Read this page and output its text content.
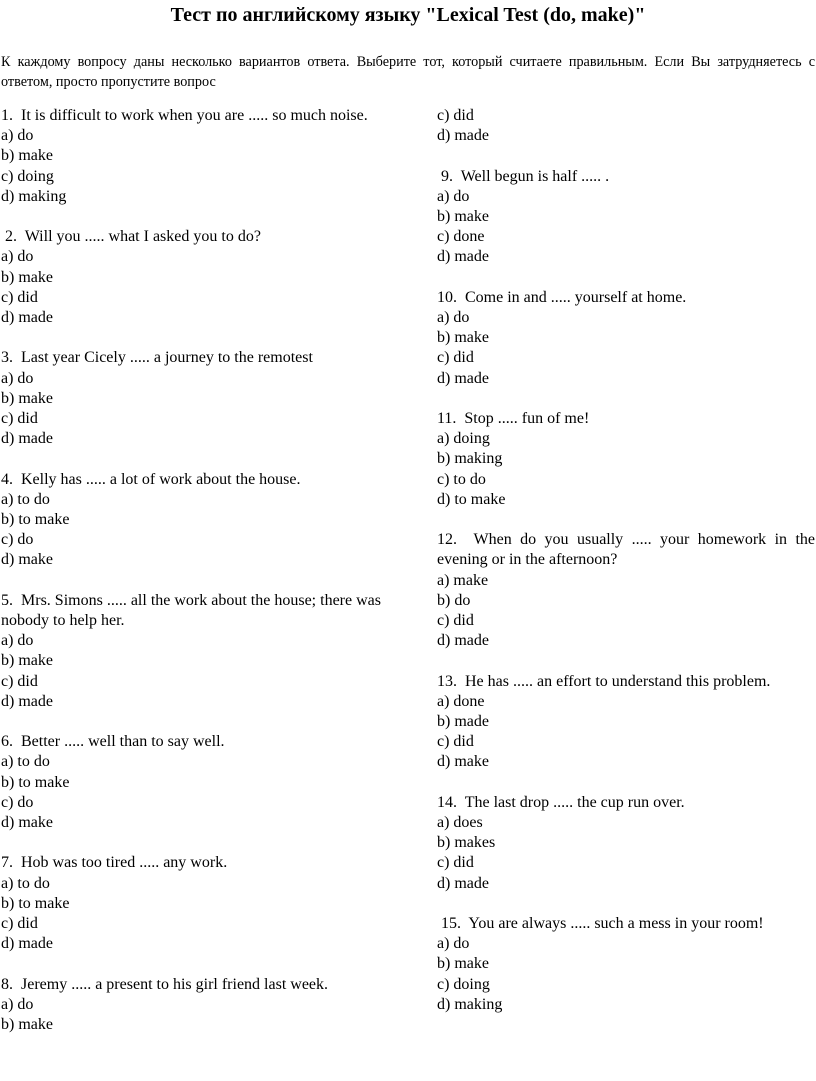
Тест по английскому языку "Lexical Test (do, make)"
К каждому вопросу даны несколько вариантов ответа. Выберите тот, который считаете правильным. Если Вы затрудняетесь с ответом, просто пропустите вопрос
1.  It is difficult to work when you are ..... so much noise.
a) do
b) make
c) doing
d) making
2.  Will you ..... what I asked you to do?
a) do
b) make
c) did
d) made
3.  Last year Cicely ..... a journey to the remotest
a) do
b) make
c) did
d) made
4.  Kelly has ..... a lot of work about the house.
a) to do
b) to make
c) do
d) make
5.  Mrs. Simons ..... all the work about the house; there was nobody to help her.
a) do
b) make
c) did
d) made
6.  Better ..... well than to say well.
a) to do
b) to make
c) do
d) make
7.  Hob was too tired ..... any work.
a) to do
b) to make
c) did
d) made
8.  Jeremy ..... a present to his girl friend last week.
a) do
b) make
c) did
d) made
9.  Well begun is half ..... .
a) do
b) make
c) done
d) made
10.  Come in and ..... yourself at home.
a) do
b) make
c) did
d) made
11.  Stop ..... fun of me!
a) doing
b) making
c) to do
d) to make
12.  When do you usually ..... your homework in the evening or in the afternoon?
a) make
b) do
c) did
d) made
13.  He has ..... an effort to understand this problem.
a) done
b) made
c) did
d) make
14.  The last drop ..... the cup run over.
a) does
b) makes
c) did
d) made
15.  You are always ..... such a mess in your room!
a) do
b) make
c) doing
d) making
